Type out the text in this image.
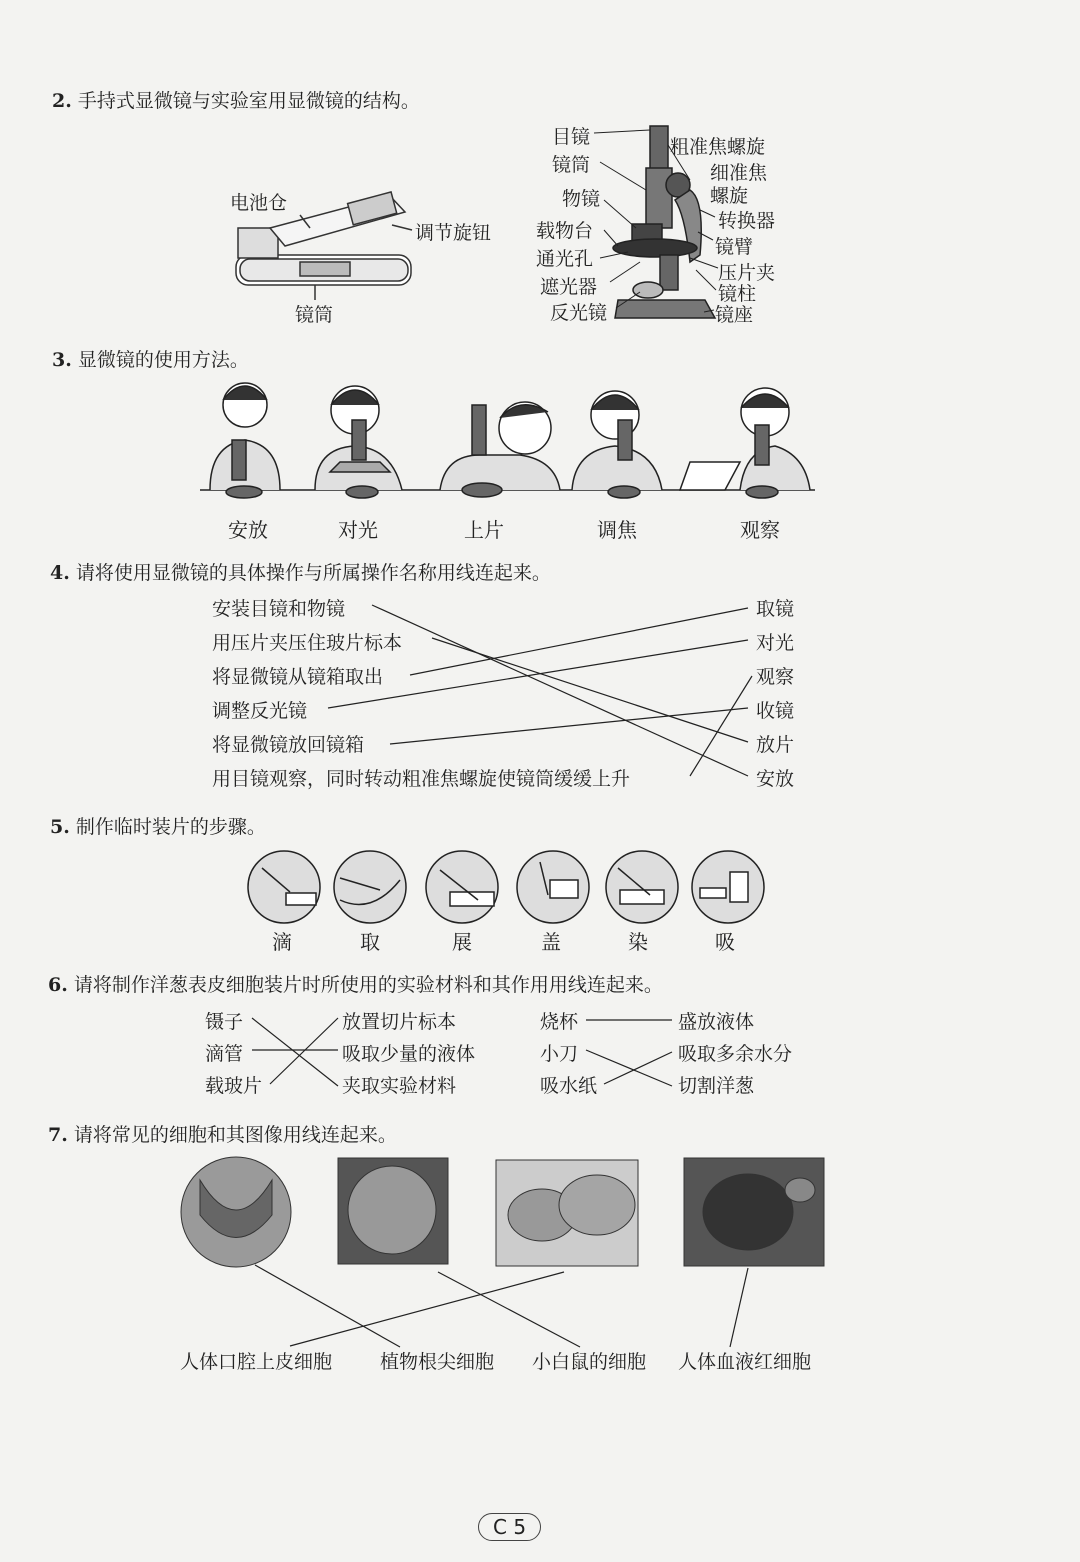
2. 手持式显微镜与实验室用显微镜的结构。
电池仓
调节旋钮
镜筒
目镜
镜筒
物镜
载物台
通光孔
遮光器
反光镜
粗准焦螺旋
细准焦
螺旋
转换器
镜臂
压片夹
镜柱
镜座
3. 显微镜的使用方法。
安放	对光	上片	调焦	观察
4. 请将使用显微镜的具体操作与所属操作名称用线连起来。
安装目镜和物镜
用压片夹压住玻片标本
将显微镜从镜箱取出
调整反光镜
将显微镜放回镜箱
用目镜观察，同时转动粗准焦螺旋使镜筒缓缓上升
取镜
对光
观察
收镜
放片
安放
5. 制作临时装片的步骤。
滴	取	展	盖	染	吸
6. 请将制作洋葱表皮细胞装片时所使用的实验材料和其作用用线连起来。
镊子
滴管
载玻片
放置切片标本
吸取少量的液体
夹取实验材料
烧杯
小刀
吸水纸
盛放液体
吸取多余水分
切割洋葱
7. 请将常见的细胞和其图像用线连起来。
人体口腔上皮细胞	植物根尖细胞 小白鼠的细胞 人体血液红细胞
C 5
